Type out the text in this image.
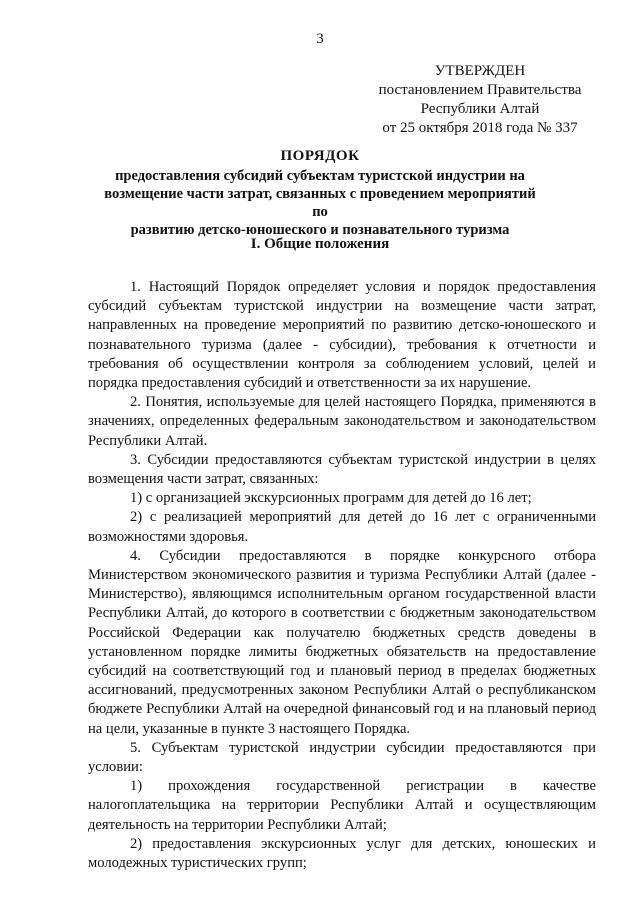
3
УТВЕРЖДЕН
постановлением Правительства
Республики Алтай
от 25 октября 2018 года № 337
ПОРЯДОК
предоставления субсидий субъектам туристской индустрии на
возмещение части затрат, связанных с проведением мероприятий по
развитию детско-юношеского и познавательного туризма
I. Общие положения

1. Настоящий Порядок определяет условия и порядок предоставления субсидий субъектам туристской индустрии на возмещение части затрат, направленных на проведение мероприятий по развитию детско-юношеского и познавательного туризма (далее - субсидии), требования к отчетности и требования об осуществлении контроля за соблюдением условий, целей и порядка предоставления субсидий и ответственности за их нарушение.

2. Понятия, используемые для целей настоящего Порядка, применяются в значениях, определенных федеральным законодательством и законодательством Республики Алтай.

3. Субсидии предоставляются субъектам туристской индустрии в целях возмещения части затрат, связанных:

1) с организацией экскурсионных программ для детей до 16 лет;

2) с реализацией мероприятий для детей до 16 лет с ограниченными возможностями здоровья.

4. Субсидии предоставляются в порядке конкурсного отбора Министерством экономического развития и туризма Республики Алтай (далее - Министерство), являющимся исполнительным органом государственной власти Республики Алтай, до которого в соответствии с бюджетным законодательством Российской Федерации как получателю бюджетных средств доведены в установленном порядке лимиты бюджетных обязательств на предоставление субсидий на соответствующий год и плановый период в пределах бюджетных ассигнований, предусмотренных законом Республики Алтай о республиканском бюджете Республики Алтай на очередной финансовый год и на плановый период на цели, указанные в пункте 3 настоящего Порядка.

5. Субъектам туристской индустрии субсидии предоставляются при условии:

1) прохождения государственной регистрации в качестве налогоплательщика на территории Республики Алтай и осуществляющим деятельность на территории Республики Алтай;

2) предоставления экскурсионных услуг для детских, юношеских и молодежных туристических групп;
